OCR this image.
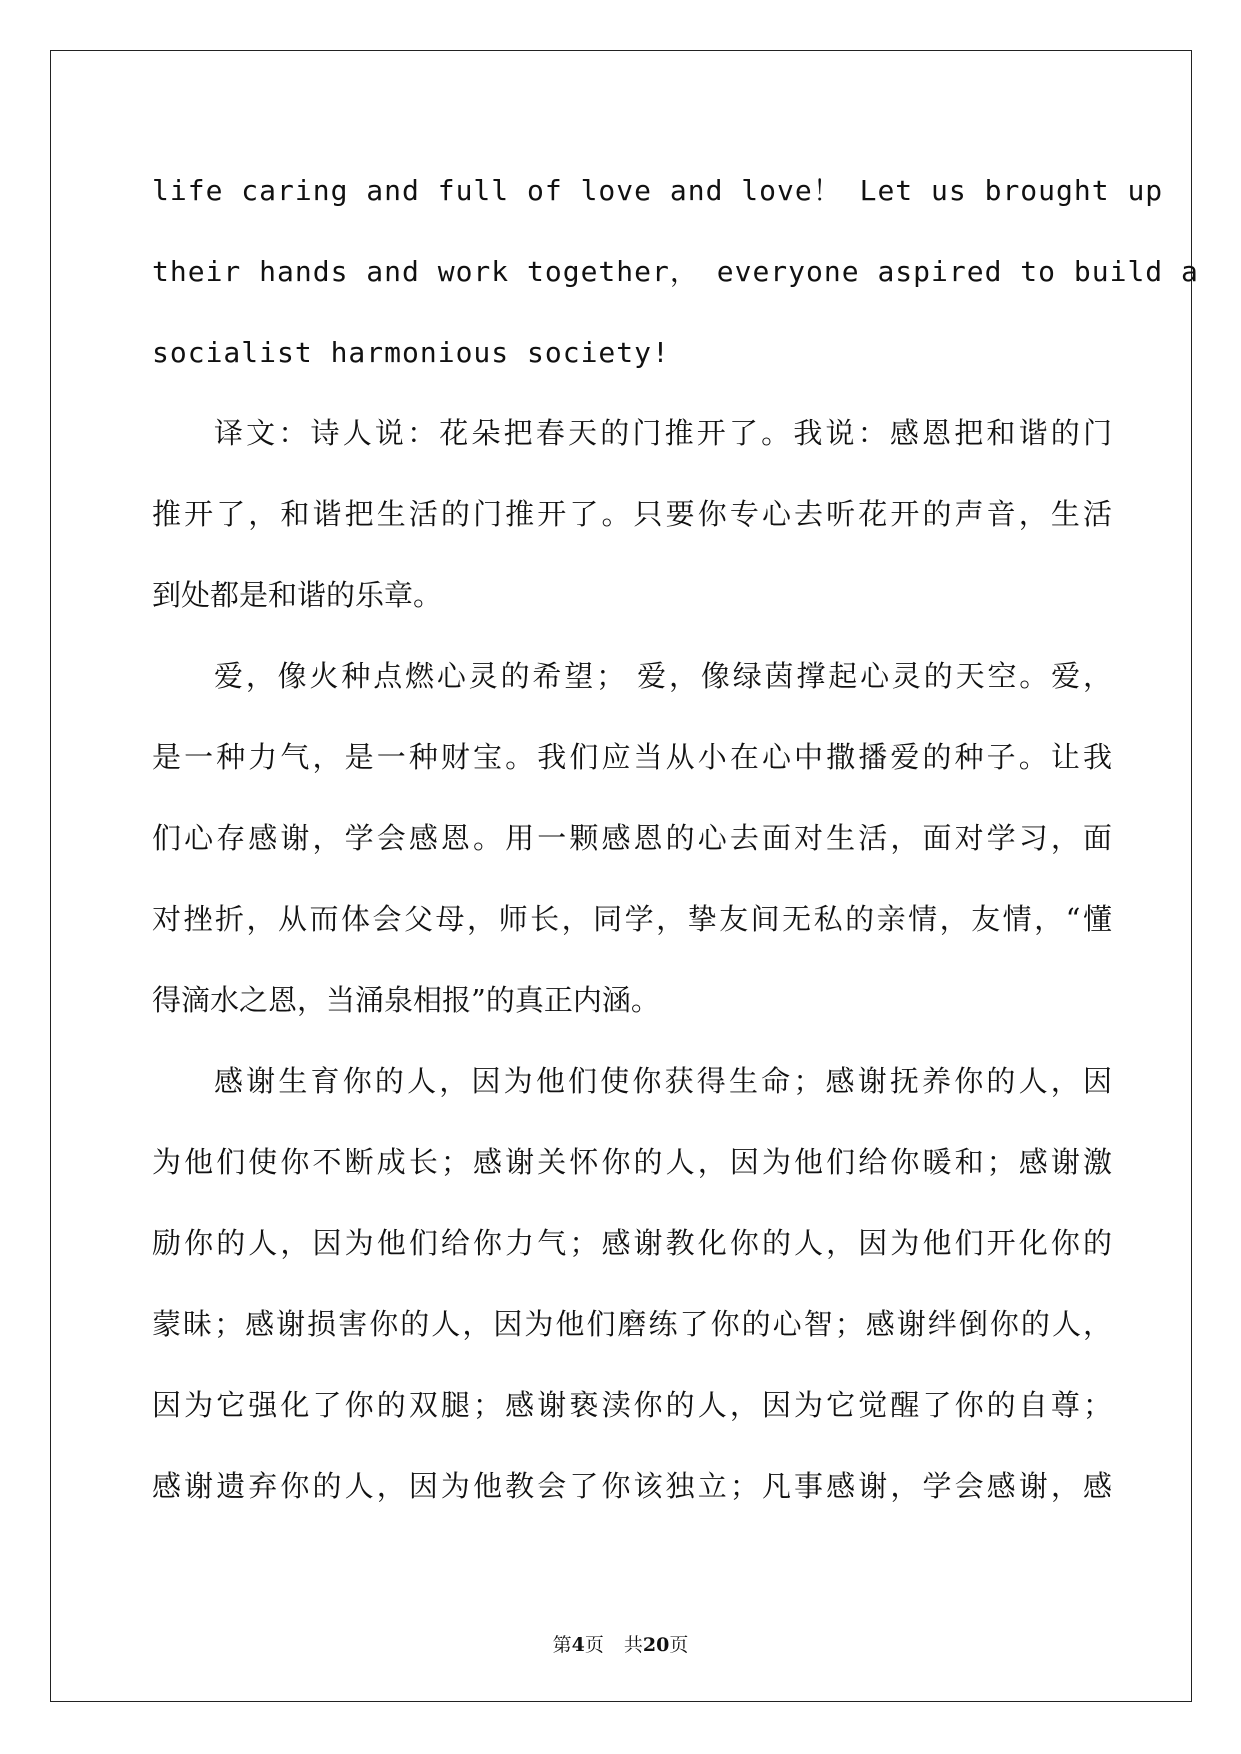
life caring and full of love and love！ Let us brought up
their hands and work together， everyone aspired to build a
socialist harmonious society!
译文：诗人说：花朵把春天的门推开了。我说：感恩把和谐的门
推开了，和谐把生活的门推开了。只要你专心去听花开的声音，生活
到处都是和谐的乐章。
爱，像火种点燃心灵的希望； 爱，像绿茵撑起心灵的天空。爱，
是一种力气，是一种财宝。我们应当从小在心中撒播爱的种子。让我
们心存感谢，学会感恩。用一颗感恩的心去面对生活，面对学习，面
对挫折，从而体会父母，师长，同学，挚友间无私的亲情，友情，“懂
得滴水之恩，当涌泉相报”的真正内涵。
感谢生育你的人，因为他们使你获得生命；感谢抚养你的人，因
为他们使你不断成长；感谢关怀你的人，因为他们给你暖和；感谢激
励你的人，因为他们给你力气；感谢教化你的人，因为他们开化你的
蒙昧；感谢损害你的人，因为他们磨练了你的心智；感谢绊倒你的人，
因为它强化了你的双腿；感谢亵渎你的人，因为它觉醒了你的自尊；
感谢遗弃你的人，因为他教会了你该独立；凡事感谢，学会感谢，感
第4页 共20页
